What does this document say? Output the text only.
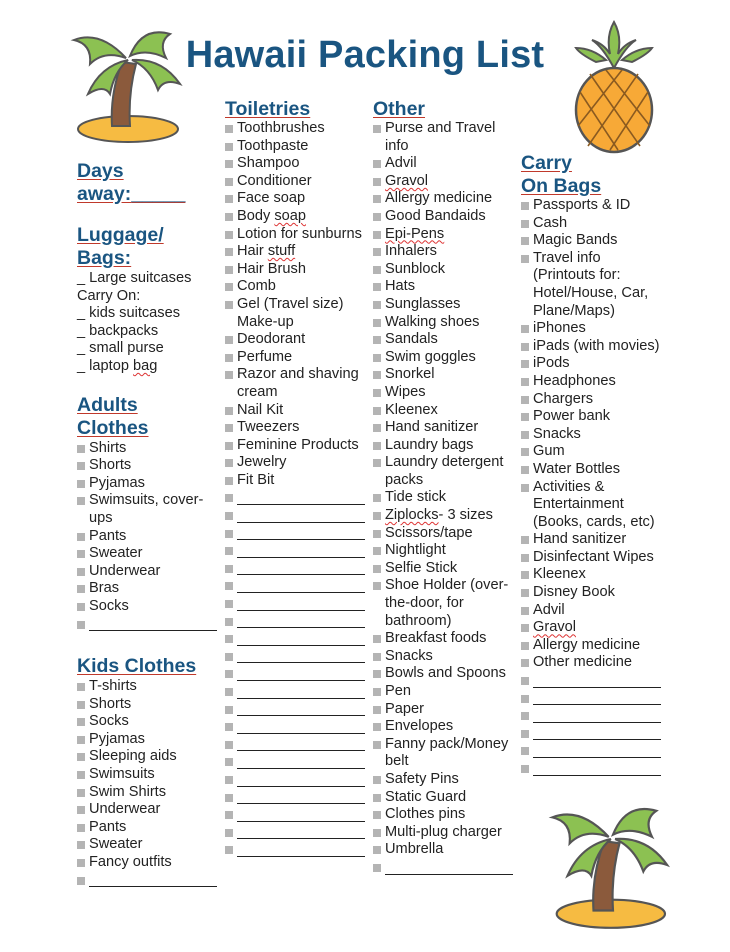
Hawaii Packing List
Days
away:_____
Luggage/
Bags:
_ Large suitcases
Carry On:
_ kids suitcases
_ backpacks
_ small purse
_ laptop bag
Adults
Clothes
Shirts
Shorts
Pyjamas
Swimsuits, cover-ups
Pants
Sweater
Underwear
Bras
Socks
Kids Clothes
T-shirts
Shorts
Socks
Pyjamas
Sleeping aids
Swimsuits
Swim Shirts
Underwear
Pants
Sweater
Fancy outfits
Toiletries
Toothbrushes
Toothpaste
Shampoo
Conditioner
Face soap
Body soap
Lotion for sunburns
Hair stuff
Hair Brush
Comb
Gel (Travel size) Make-up
Deodorant
Perfume
Razor and shaving cream
Nail Kit
Tweezers
Feminine Products
Jewelry
Fit Bit
Other
Purse and Travel info
Advil
Gravol
Allergy medicine
Good Bandaids
Epi-Pens
Inhalers
Sunblock
Hats
Sunglasses
Walking shoes
Sandals
Swim goggles
Snorkel
Wipes
Kleenex
Hand sanitizer
Laundry bags
Laundry detergent packs
Tide stick
Ziplocks- 3 sizes
Scissors/tape
Nightlight
Selfie Stick
Shoe Holder (over-the-door, for bathroom)
Breakfast foods
Snacks
Bowls and Spoons
Pen
Paper
Envelopes
Fanny pack/Money belt
Safety Pins
Static Guard
Clothes pins
Multi-plug charger
Umbrella
Carry
On Bags
Passports & ID
Cash
Magic Bands
Travel info (Printouts for: Hotel/House, Car, Plane/Maps)
iPhones
iPads (with movies)
iPods
Headphones
Chargers
Power bank
Snacks
Gum
Water Bottles
Activities & Entertainment (Books, cards, etc)
Hand sanitizer
Disinfectant Wipes
Kleenex
Disney Book
Advil
Gravol
Allergy medicine
Other medicine
